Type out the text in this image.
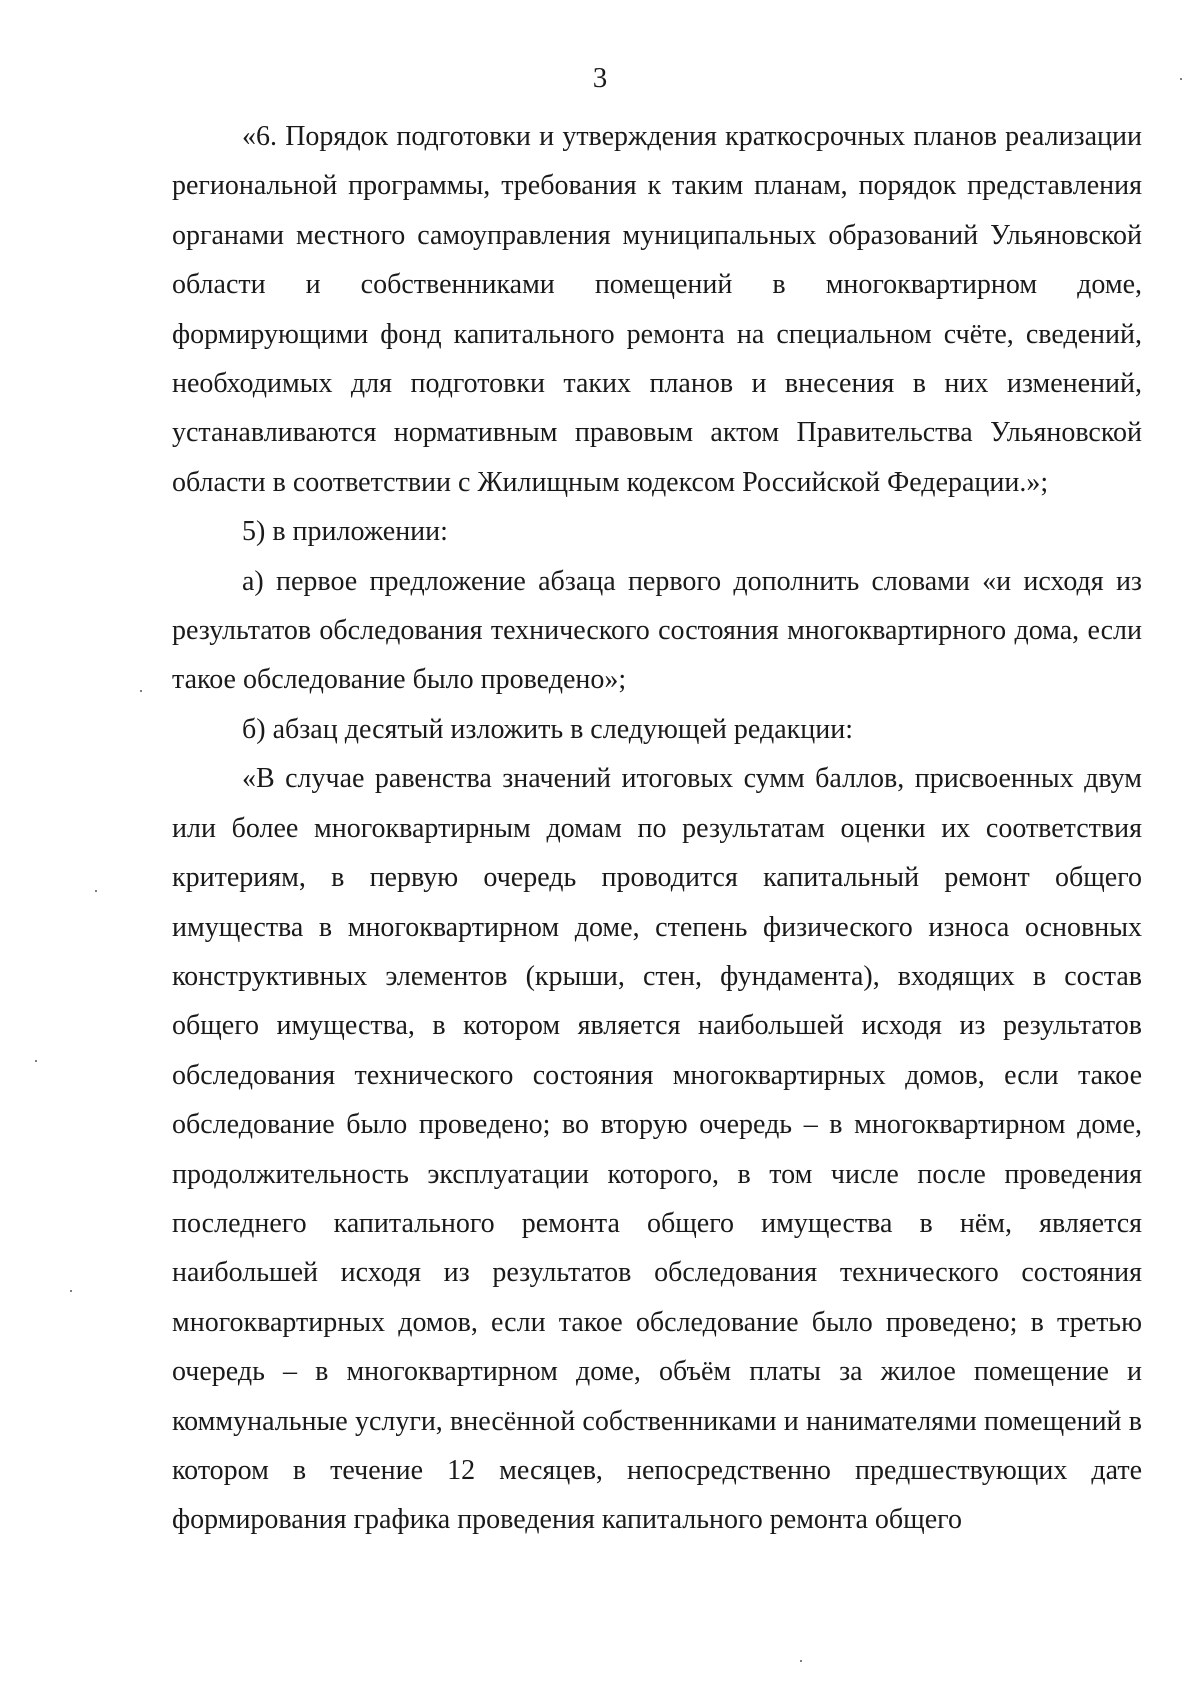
3

«6. Порядок подготовки и утверждения краткосрочных планов реализации региональной программы, требования к таким планам, порядок представления органами местного самоуправления муниципальных образований Ульяновской области и собственниками помещений в многоквартирном доме, формирующими фонд капитального ремонта на специальном счёте, сведений, необходимых для подготовки таких планов и внесения в них изменений, устанавливаются нормативным правовым актом Правительства Ульяновской области в соответствии с Жилищным кодексом Российской Федерации.»;

5) в приложении:

а) первое предложение абзаца первого дополнить словами «и исходя из результатов обследования технического состояния многоквартирного дома, если такое обследование было проведено»;

б) абзац десятый изложить в следующей редакции:

«В случае равенства значений итоговых сумм баллов, присвоенных двум или более многоквартирным домам по результатам оценки их соответствия критериям, в первую очередь проводится капитальный ремонт общего имущества в многоквартирном доме, степень физического износа основных конструктивных элементов (крыши, стен, фундамента), входящих в состав общего имущества, в котором является наибольшей исходя из результатов обследования технического состояния многоквартирных домов, если такое обследование было проведено; во вторую очередь – в многоквартирном доме, продолжительность эксплуатации которого, в том числе после проведения последнего капитального ремонта общего имущества в нём, является наибольшей исходя из результатов обследования технического состояния многоквартирных домов, если такое обследование было проведено; в третью очередь – в многоквартирном доме, объём платы за жилое помещение и коммунальные услуги, внесённой собственниками и нанимателями помещений в котором в течение 12 месяцев, непосредственно предшествующих дате формирования графика проведения капитального ремонта общего
